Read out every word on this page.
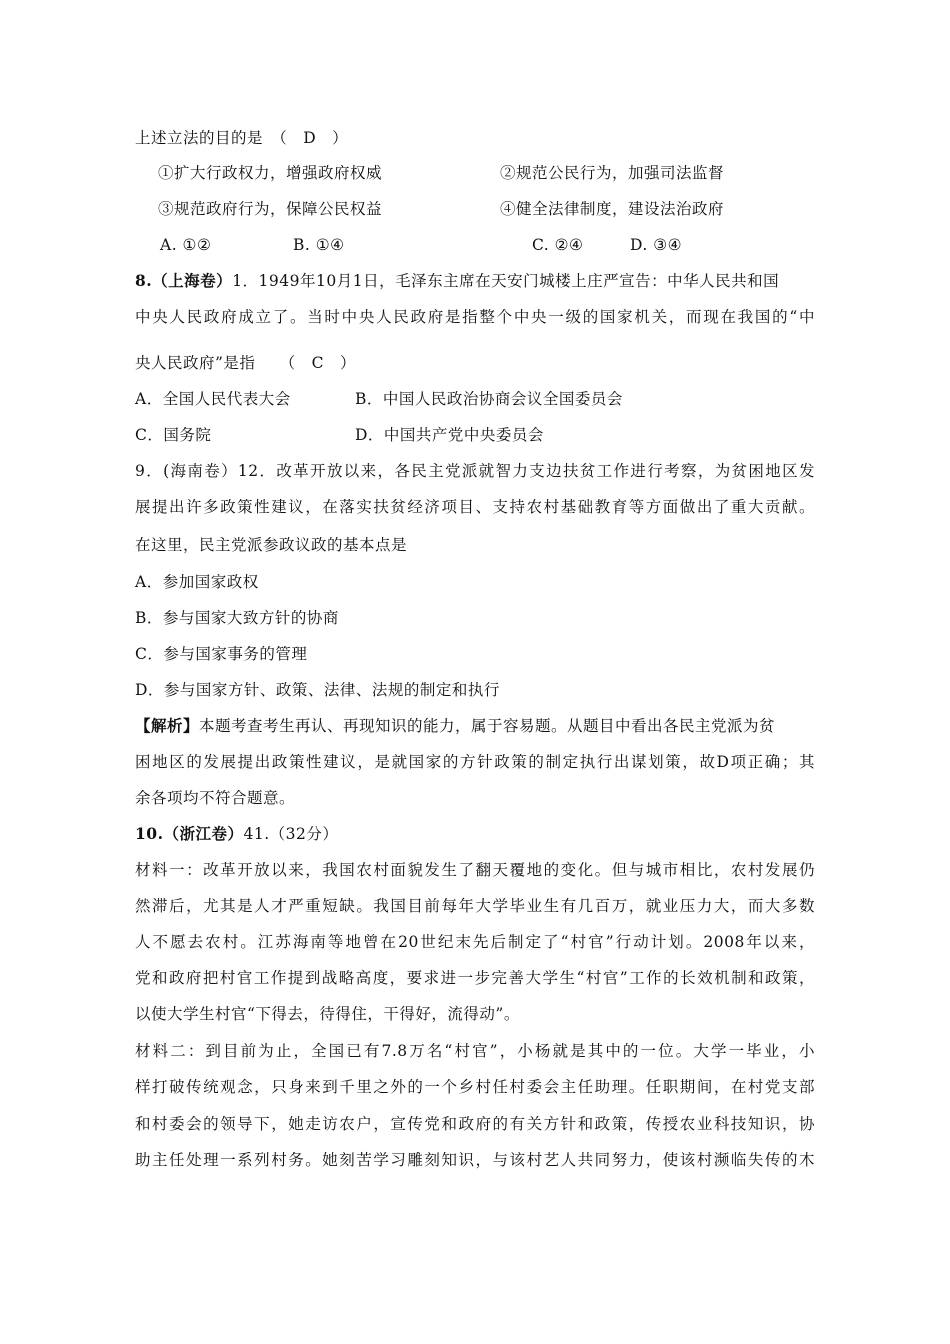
上述立法的目的是　（　D　）
①扩大行政权力，增强政府权威	②规范公民行为，加强司法监督
③规范政府行为，保障公民权益	④健全法律制度，建设法治政府
A. ①②	B. ①④	C. ②④	D. ③④
8.（上海卷）1．1949年10月1日，毛泽东主席在天安门城楼上庄严宣告：中华人民共和国
中央人民政府成立了。当时中央人民政府是指整个中央一级的国家机关，而现在我国的“中
央人民政府”是指　　（　C　）
A．全国人民代表大会	B．中国人民政治协商会议全国委员会
C．国务院	D．中国共产党中央委员会
9．(海南卷）12．改革开放以来，各民主党派就智力支边扶贫工作进行考察，为贫困地区发
展提出许多政策性建议，在落实扶贫经济项目、支持农村基础教育等方面做出了重大贡献。
在这里，民主党派参政议政的基本点是
A．参加国家政权
B．参与国家大致方针的协商
C．参与国家事务的管理
D．参与国家方针、政策、法律、法规的制定和执行
【解析】本题考查考生再认、再现知识的能力，属于容易题。从题目中看出各民主党派为贫
困地区的发展提出政策性建议，是就国家的方针政策的制定执行出谋划策，故D项正确；其
余各项均不符合题意。
10.（浙江卷）41.（32分）
材料一：改革开放以来，我国农村面貌发生了翻天覆地的变化。但与城市相比，农村发展仍
然滞后，尤其是人才严重短缺。我国目前每年大学毕业生有几百万，就业压力大，而大多数
人不愿去农村。江苏海南等地曾在20世纪末先后制定了“村官”行动计划。2008年以来，
党和政府把村官工作提到战略高度，要求进一步完善大学生“村官”工作的长效机制和政策，
以使大学生村官“下得去，待得住，干得好，流得动”。
材料二：到目前为止，全国已有7.8万名“村官”，小杨就是其中的一位。大学一毕业，小
样打破传统观念，只身来到千里之外的一个乡村任村委会主任助理。任职期间，在村党支部
和村委会的领导下，她走访农户，宣传党和政府的有关方针和政策，传授农业科技知识，协
助主任处理一系列村务。她刻苦学习雕刻知识，与该村艺人共同努力，使该村濒临失传的木
